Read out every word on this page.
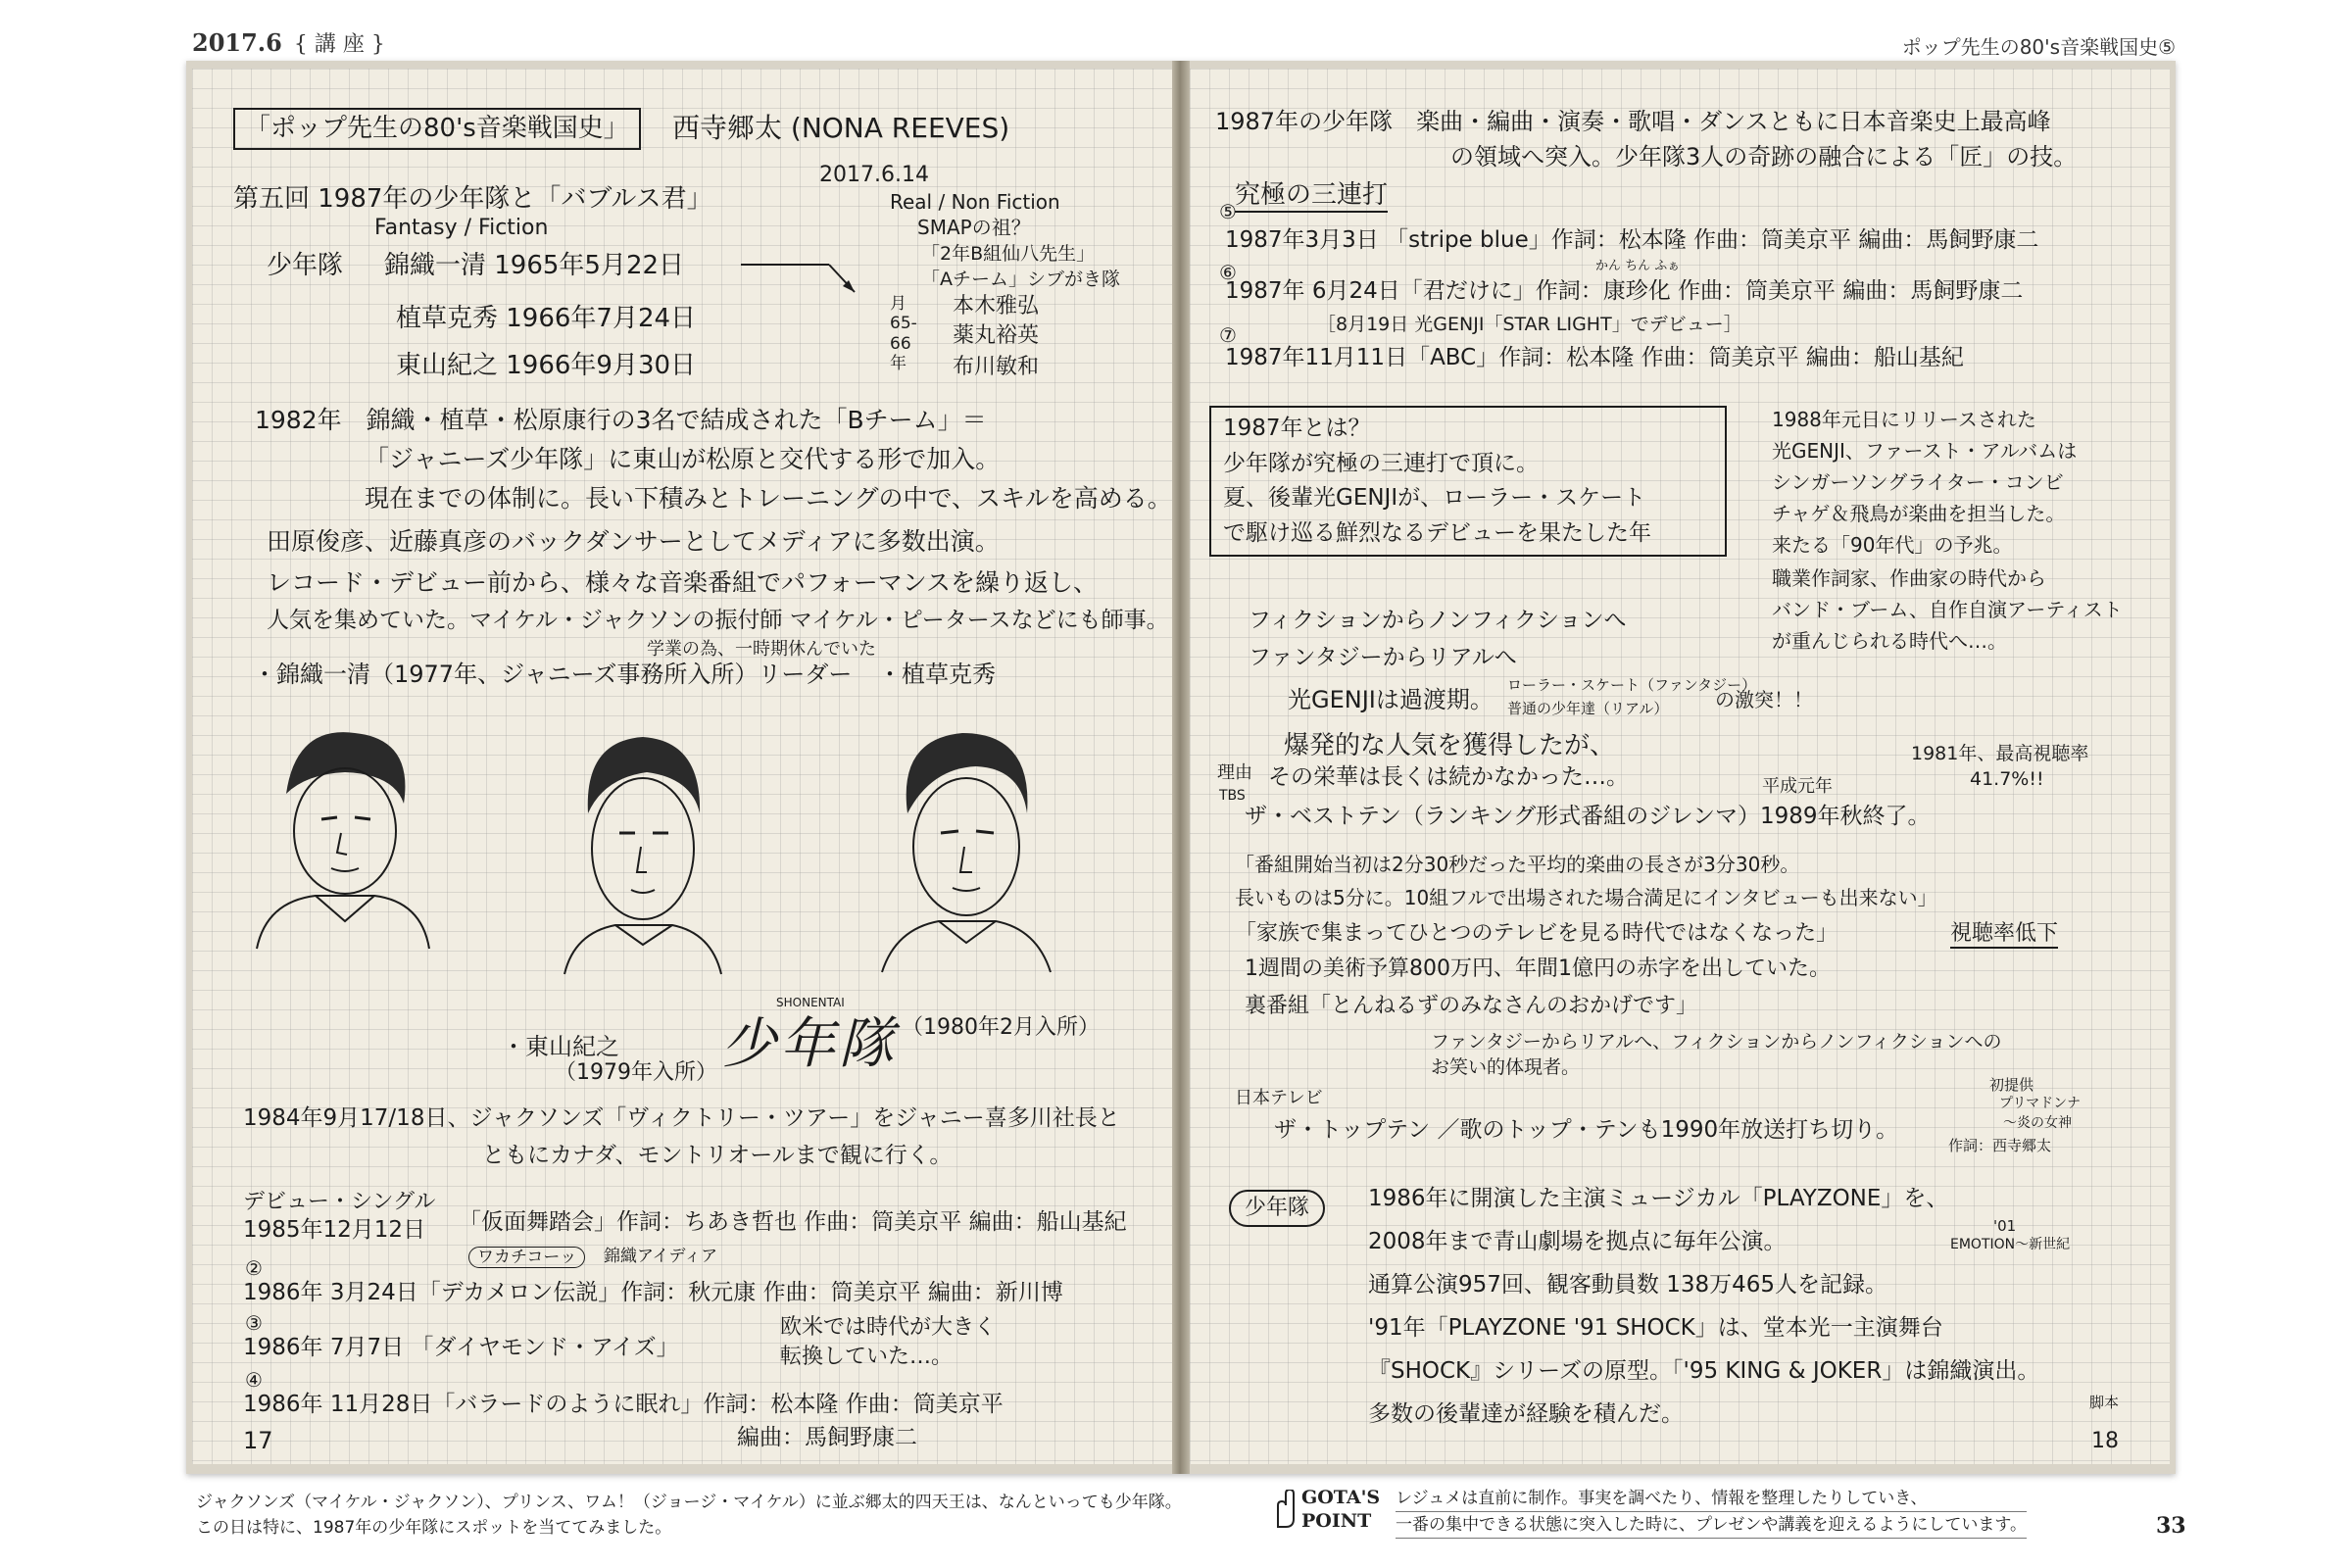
2017.6 { 講 座 }	ポップ先生の80's音楽戦国史⑤
「ポップ先生の80's音楽戦国史」	西寺郷太 (NONA REEVES)
2017.6.14
第五回 1987年の少年隊と「バブルス君」
Fantasy / Fiction
Real / Non Fiction
SMAPの祖？
少年隊 錦織一清 1965年5月22日
植草克秀 1966年7月24日
東山紀之 1966年9月30日
「2年B組仙八先生」
「Aチーム」シブがき隊
月 65-66 年
本木雅弘
薬丸裕英
布川敏和
1982年　錦織・植草・松原康行の3名で結成された「Bチーム」＝
「ジャニーズ少年隊」に東山が松原と交代する形で加入。
現在までの体制に。長い下積みとトレーニングの中で、スキルを高める。
田原俊彦、近藤真彦のバックダンサーとしてメディアに多数出演。
レコード・デビュー前から、様々な音楽番組でパフォーマンスを繰り返し、
人気を集めていた。マイケル・ジャクソンの振付師 マイケル・ピータースなどにも師事。
学業の為、一時期休んでいた
・錦織一清（1977年、ジャニーズ事務所入所）リーダー ・植草克秀
SHONENTAI
少年隊
・東山紀之
（1979年入所）
（1980年2月入所）
1984年9月17/18日、ジャクソンズ「ヴィクトリー・ツアー」をジャニー喜多川社長と
ともにカナダ、モントリオールまで観に行く。
デビュー・シングル
1985年12月12日 「仮面舞踏会」作詞：ちあき哲也 作曲：筒美京平 編曲：船山基紀
ワカチコーッ	錦織アイディア
②
1986年 3月24日「デカメロン伝説」作詞：秋元康 作曲：筒美京平 編曲：新川博
③
1986年 7月7日 「ダイヤモンド・アイズ」
欧米では時代が大きく
転換していた…。
④
1986年 11月28日「バラードのように眠れ」作詞：松本隆 作曲：筒美京平
編曲：馬飼野康二
17
1987年の少年隊　楽曲・編曲・演奏・歌唱・ダンスともに日本音楽史上最高峰
の領域へ突入。少年隊3人の奇跡の融合による「匠」の技。
究極の三連打
⑤
1987年3月3日 「stripe blue」作詞：松本隆 作曲：筒美京平 編曲：馬飼野康二
⑥	かん ちん ふぁ
1987年 6月24日「君だけに」作詞：康珍化 作曲：筒美京平 編曲：馬飼野康二
［8月19日 光GENJI「STAR LIGHT」でデビュー］
⑦
1987年11月11日「ABC」作詞：松本隆 作曲：筒美京平 編曲：船山基紀
1987年とは？
少年隊が究極の三連打で頂に。
夏、後輩光GENJIが、ローラー・スケート
で駆け巡る鮮烈なるデビューを果たした年
1988年元日にリリースされた
光GENJI、ファースト・アルバムは
シンガーソングライター・コンビ
チャゲ＆飛鳥が楽曲を担当した。
来たる「90年代」の予兆。
職業作詞家、作曲家の時代から
バンド・ブーム、自作自演アーティスト
が重んじられる時代へ…。
フィクションからノンフィクションへ
ファンタジーからリアルへ
光GENJIは過渡期。
ローラー・スケート（ファンタジー）
普通の少年達（リアル） の激突！！
爆発的な人気を獲得したが、
理由 その栄華は長くは続かなかった…。
1981年、最高視聴率
41.7%!!
平成元年
TBS
ザ・ベストテン（ランキング形式番組のジレンマ）1989年秋終了。
「番組開始当初は2分30秒だった平均的楽曲の長さが3分30秒。
長いものは5分に。10組フルで出場された場合満足にインタビューも出来ない」
「家族で集まってひとつのテレビを見る時代ではなくなった」	視聴率低下
1週間の美術予算800万円、年間1億円の赤字を出していた。
裏番組「とんねるずのみなさんのおかげです」
ファンタジーからリアルへ、フィクションからノンフィクションへの
お笑い的体現者。
日本テレビ
ザ・トップテン ／歌のトップ・テンも1990年放送打ち切り。
初提供
プリマドンナ
〜炎の女神
作詞：西寺郷太
少年隊	1986年に開演した主演ミュージカル「PLAYZONE」を、
2008年まで青山劇場を拠点に毎年公演。
通算公演957回、観客動員数 138万465人を記録。
'91年「PLAYZONE '91 SHOCK」は、堂本光一主演舞台
『SHOCK』シリーズの原型。「'95 KING & JOKER」は錦織演出。
多数の後輩達が経験を積んだ。
'01
EMOTION〜新世紀
脚本
18
ジャクソンズ（マイケル・ジャクソン）、プリンス、ワム！（ジョージ・マイケル）に並ぶ郷太的四天王は、なんといっても少年隊。
この日は特に、1987年の少年隊にスポットを当ててみました。
GOTA'S
POINT
レジュメは直前に制作。事実を調べたり、情報を整理したりしていき、
一番の集中できる状態に突入した時に、プレゼンや講義を迎えるようにしています。	33
